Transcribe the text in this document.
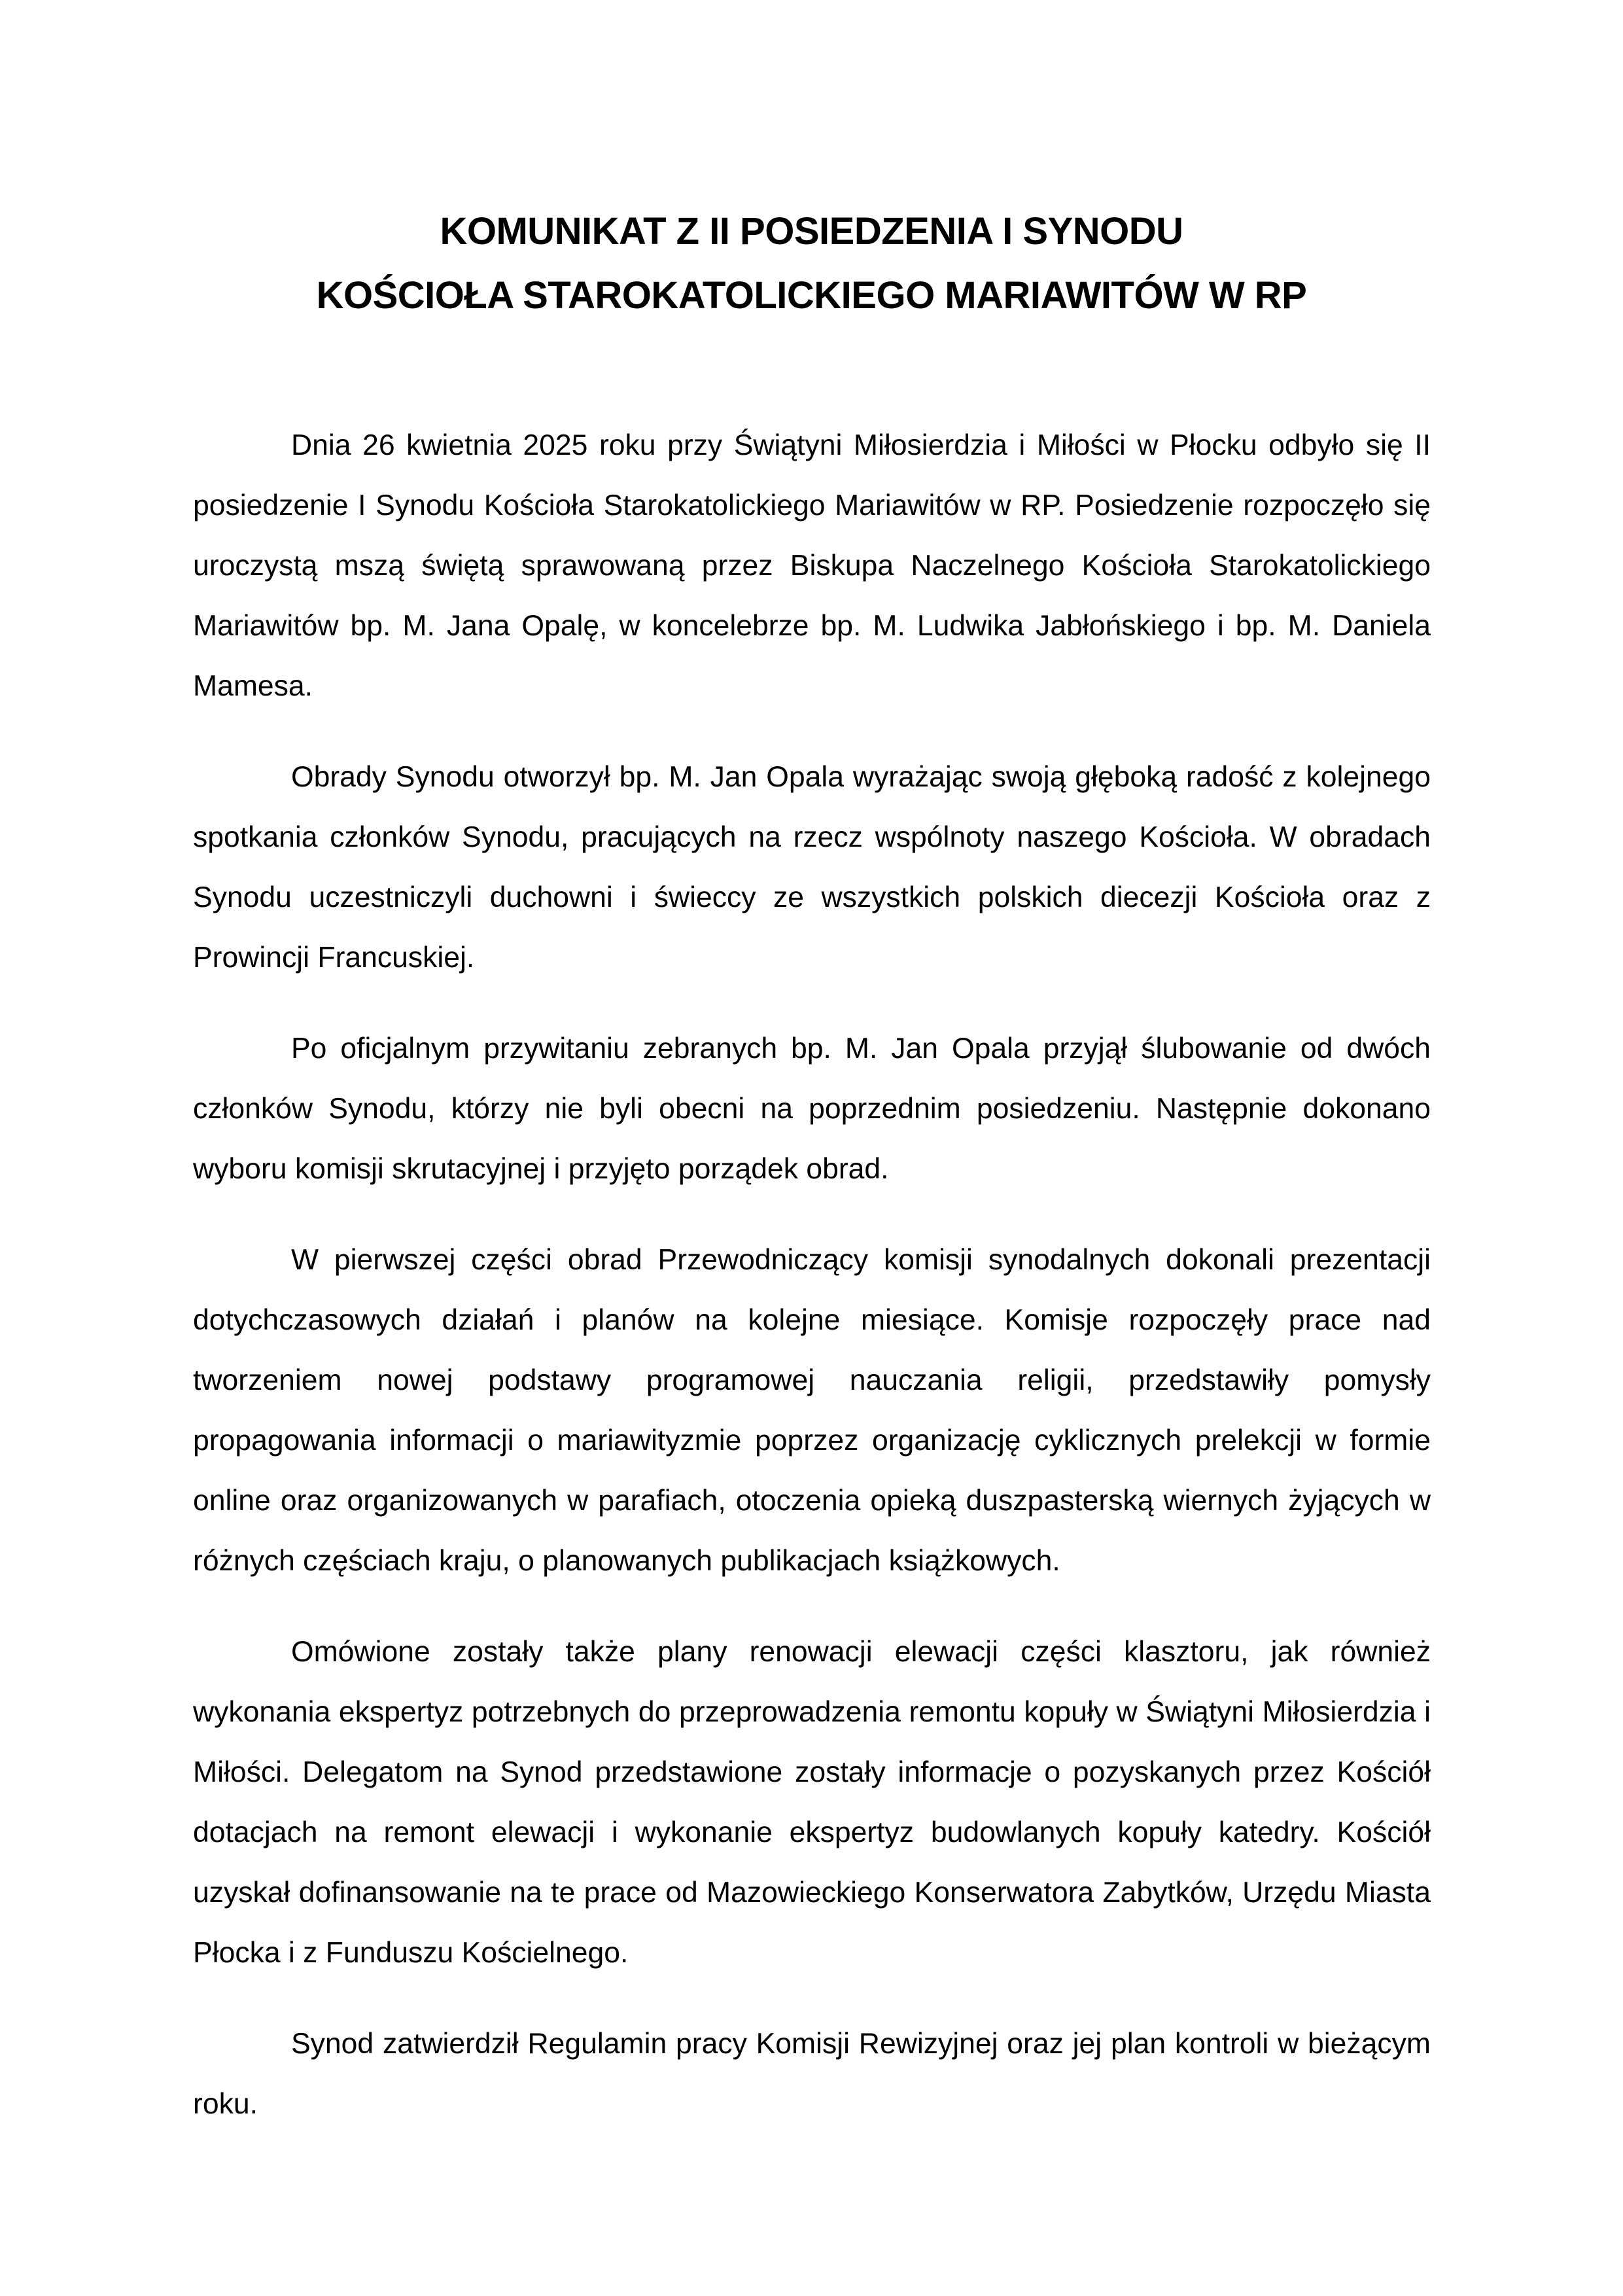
KOMUNIKAT Z II POSIEDZENIA I SYNODU
KOŚCIOŁA STAROKATOLICKIEGO MARIAWITÓW W RP

Dnia 26 kwietnia 2025 roku przy Świątyni Miłosierdzia i Miłości w Płocku odbyło się II posiedzenie I Synodu Kościoła Starokatolickiego Mariawitów w RP. Posiedzenie rozpoczęło się uroczystą mszą świętą sprawowaną przez Biskupa Naczelnego Kościoła Starokatolickiego Mariawitów bp. M. Jana Opalę, w koncelebrze bp. M. Ludwika Jabłońskiego i bp. M. Daniela Mamesa.

Obrady Synodu otworzył bp. M. Jan Opala wyrażając swoją głęboką radość z kolejnego spotkania członków Synodu, pracujących na rzecz wspólnoty naszego Kościoła. W obradach Synodu uczestniczyli duchowni i świeccy ze wszystkich polskich diecezji Kościoła oraz z Prowincji Francuskiej.

Po oficjalnym przywitaniu zebranych bp. M. Jan Opala przyjął ślubowanie od dwóch członków Synodu, którzy nie byli obecni na poprzednim posiedzeniu. Następnie dokonano wyboru komisji skrutacyjnej i przyjęto porządek obrad.

W pierwszej części obrad Przewodniczący komisji synodalnych dokonali prezentacji dotychczasowych działań i planów na kolejne miesiące. Komisje rozpoczęły prace nad tworzeniem nowej podstawy programowej nauczania religii, przedstawiły pomysły propagowania informacji o mariawityzmie poprzez organizację cyklicznych prelekcji w formie online oraz organizowanych w parafiach, otoczenia opieką duszpasterską wiernych żyjących w różnych częściach kraju, o planowanych publikacjach książkowych.

Omówione zostały także plany renowacji elewacji części klasztoru, jak również wykonania ekspertyz potrzebnych do przeprowadzenia remontu kopuły w Świątyni Miłosierdzia i Miłości. Delegatom na Synod przedstawione zostały informacje o pozyskanych przez Kościół dotacjach na remont elewacji i wykonanie ekspertyz budowlanych kopuły katedry. Kościół uzyskał dofinansowanie na te prace od Mazowieckiego Konserwatora Zabytków, Urzędu Miasta Płocka i z Funduszu Kościelnego.

Synod zatwierdził Regulamin pracy Komisji Rewizyjnej oraz jej plan kontroli w bieżącym roku.
